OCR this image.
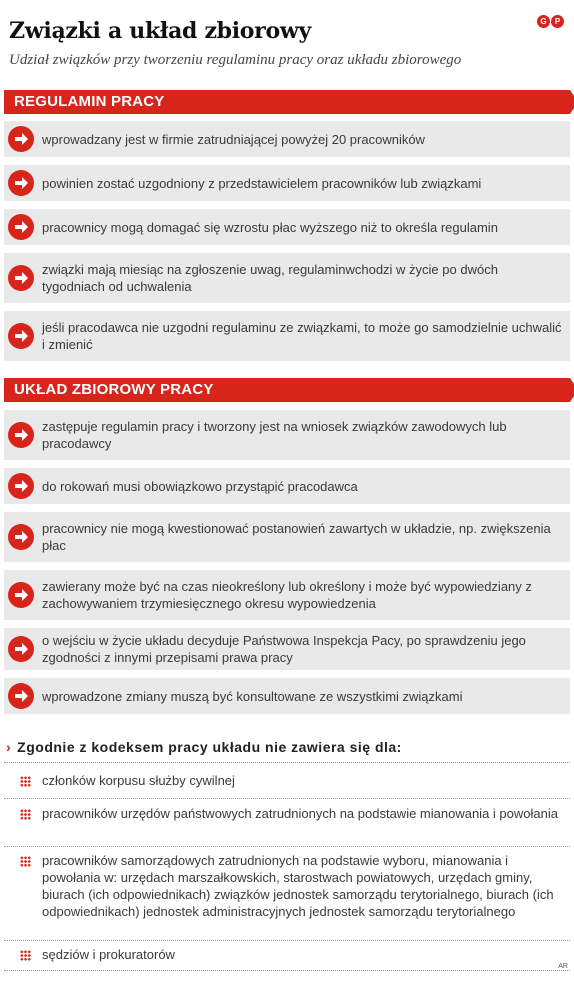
G	P
Związki a układ zbiorowy

Udział związków przy tworzeniu regulaminu pracy oraz układu zbiorowego

REGULAMIN PRACY
wprowadzany jest w firmie zatrudniającej powyżej 20 pracowników
powinien zostać uzgodniony z przedstawicielem pracowników lub związkami
pracownicy mogą domagać się wzrostu płac wyższego niż to określa regulamin
związki mają miesiąc na zgłoszenie uwag, regulaminwchodzi w życie po dwóch tygodniach od uchwalenia
jeśli pracodawca nie uzgodni regulaminu ze związkami, to może go samodzielnie uchwalić i zmienić
UKŁAD ZBIOROWY PRACY
zastępuje regulamin pracy i tworzony jest na wniosek związków zawodowych lub pracodawcy
do rokowań musi obowiązkowo przystąpić pracodawca
pracownicy nie mogą kwestionować postanowień zawartych w układzie, np. zwiększenia płac
zawierany może być na czas nieokreślony lub określony i może być wypowiedziany z zachowywaniem trzymiesięcznego okresu wypowiedzenia
o wejściu w życie układu decyduje Państwowa Inspekcja Pacy, po sprawdzeniu jego zgodności z innymi przepisami prawa pracy
wprowadzone zmiany muszą być konsultowane ze wszystkimi związkami
› Zgodnie z kodeksem pracy układu nie zawiera się dla:
członków korpusu służby cywilnej
pracowników urzędów państwowych zatrudnionych na podstawie mianowania i powołania
pracowników samorządowych zatrudnionych na podstawie wyboru, mianowania i powołania w: urzędach marszałkowskich, starostwach powiatowych, urzędach gminy, biurach (ich odpowiednikach) związków jednostek samorządu terytorialnego, biurach (ich odpowiednikach) jednostek administracyjnych jednostek samorządu terytorialnego
sędziów i prokuratorów
AR
